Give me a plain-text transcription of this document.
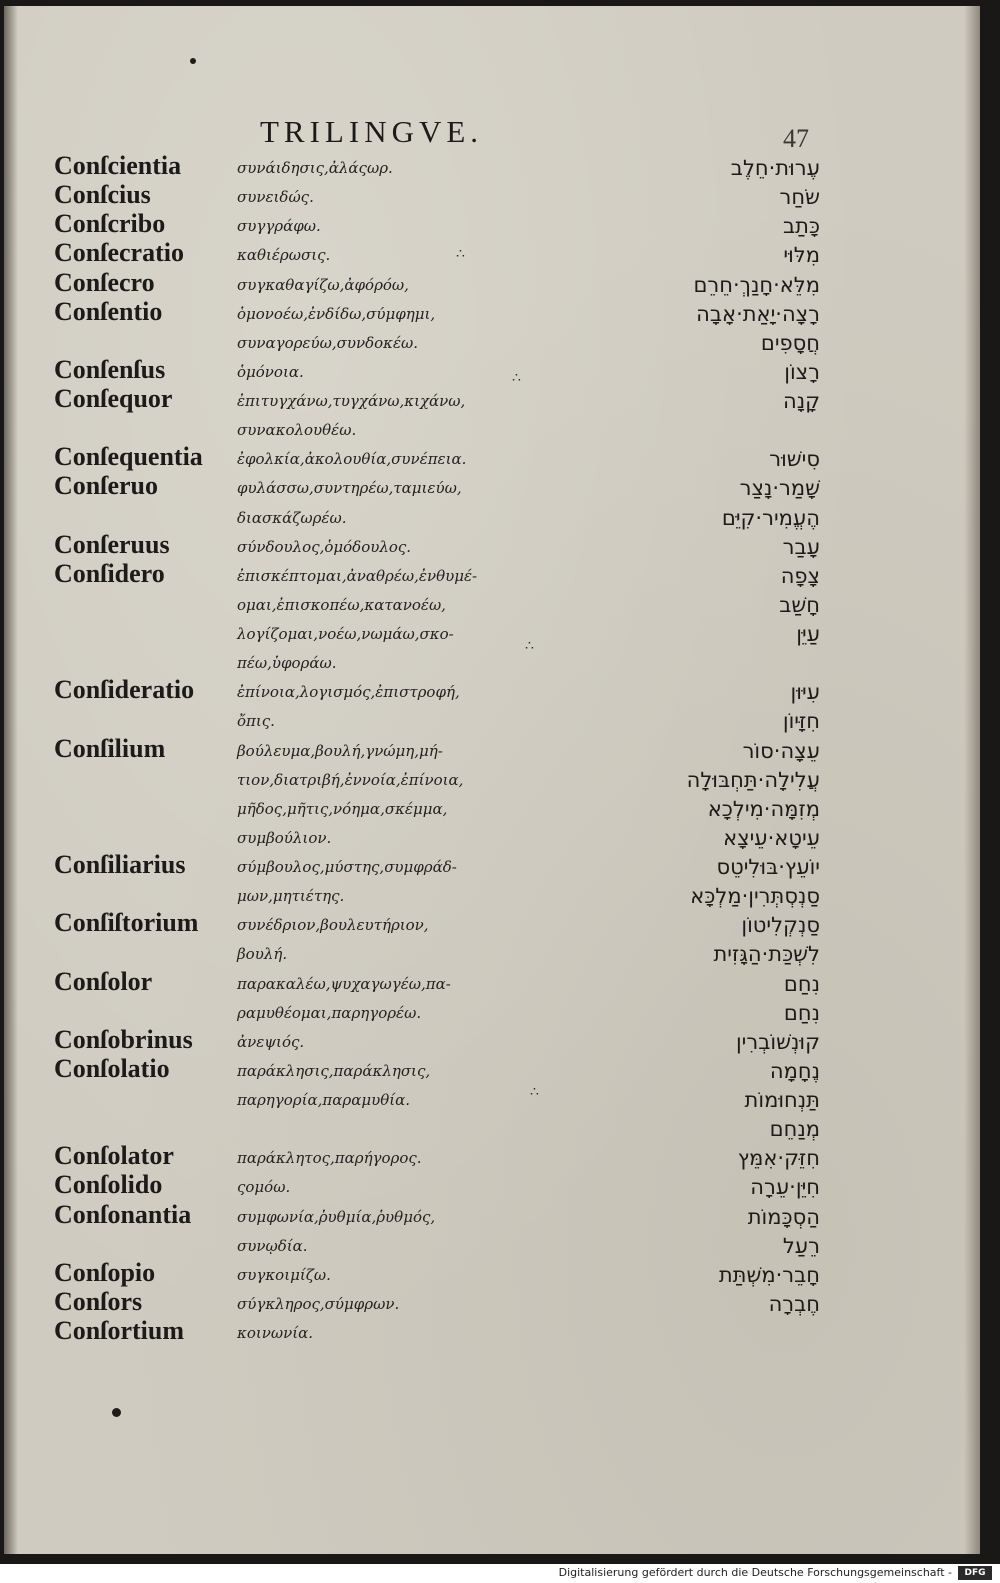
∴
∴
∴
∴
TRILINGVE.	47
Conſcientia	συνάιδησις,ἀλάςωρ.	עֶרוּת·חֵלֶב
Conſcius	συνειδώς.	שֹחַר
Conſcribo	συγγράφω.	כָּתַב
Conſecratio	καθιέρωσις.	מִלּוּי
Conſecro	συγκαθαγίζω,ἀφόρόω,	מִלֵּא·חָנַךְ·חֵרֵם
Conſentio	ὁμονοέω,ἐνδίδω,σύμφημι,	רָצָה·יָאַת·אָבָה
συναγορεύω,συνδοκέω.	חֲסָפִים
Conſenſus	ὁμόνοια.	רָצוֹן
Conſequor	ἐπιτυγχάνω,τυγχάνω,κιχάνω,	קָנָה
συνακολουθέω.
Conſequentia ἐφολκία,ἀκολουθία,συνέπεια.	סִישׁוּר
Conſeruo	φυλάσσω,συντηρέω,ταμιεύω,	שָׁמַר·נָצַר
διασκάζωρέω.	הֶעֱמִיר·קִיֵּם
Conſeruus	σύνδουλος,ὁμόδουλος.	עָבַר
Conſidero	ἐπισκέπτομαι,ἀναθρέω,ἐνθυμέ-	צָפָה
ομαι,ἐπισκοπέω,κατανοέω,	חָשַׁב
λογίζομαι,νοέω,νωμάω,σκο-	עַיֵּן
πέω,ὑφοράω.
Conſideratio	ἐπίνοια,λογισμός,ἐπιστροφή,	עִיּוּן
ὄπις.	חִזָּיוֹן
Conſilium	βούλευμα,βουλή,γνώμη,μή-	עֵצָה·סוֹר
τιον,διατριβή,ἐννοία,ἐπίνοια,	עֲלִילָה·תַּחְבּוּלָה
μῆδος,μῆτις,νόημα,σκέμμα,	מְזִמָּה·מִילְכָא
συμβούλιον.	עֵיטָא·עֵיצָא
Conſiliarius	σύμβουλος,μύστης,συμφράδ-	יוֹעֵץ·בּוּלִיטֵס
μων,μητιέτης.	סַנְסְתְּרִין·מַלְכָּא
Conſiſtorium	συνέδριον,βουλευτήριον,	סַנְקְלִיטוֹן
βουλή.	לִשְׁכַּת·הַגָּזִית
Conſolor	παρακαλέω,ψυχαγωγέω,πα-	נִחַם
ραμυθέομαι,παρηγορέω.	נִחַם
Conſobrinus	ἀνεψιός.	קוּנְשׁוֹבְרִין
Conſolatio	παράκλησις,παράκλησις,	נֶחָמָה
παρηγορία,παραμυθία.	תַּנְחוּמוֹת
מְנַחֵם
Conſolator	παράκλητος,παρήγορος.	חִזֵּק·אִמֵּץ
Conſolido	ςομόω.	חִיֵּן·עֵרָה
Conſonantia	συμφωνία,ῥυθμία,ῥυθμός,	הַסְכָּמוֹת
συνῳδία.	רֵעַל
Conſopio	συγκοιμίζω.	חָבֵר·מִשְׁתַּת
Conſors	σύγκληρος,σύμφρων.	חֶבְרָה
Conſortium	κοινωνία.
Digitalisierung gefördert durch die Deutsche Forschungsgemeinschaft -	DFG
